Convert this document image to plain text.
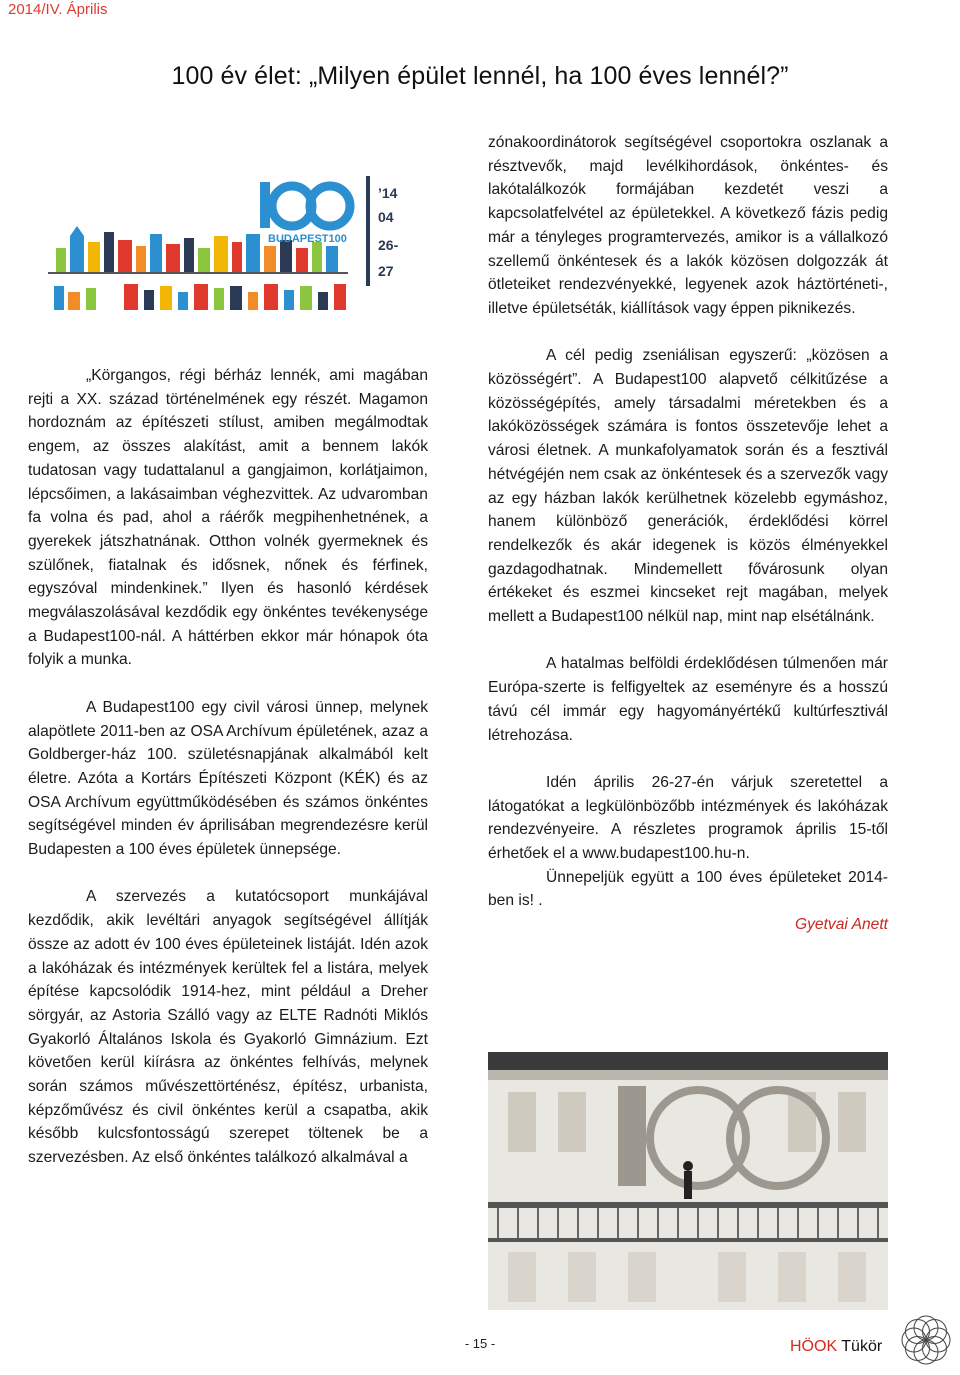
2014/IV. Április
100 év élet: „Milyen épület lennél, ha 100 éves lennél?”
BUDAPEST100
’14
04
26-
27

„Körgangos, régi bérház lennék, ami magában rejti a XX. század történelmének egy részét. Magamon hordoznám az építészeti stílust, amiben megálmodtak engem, az összes alakítást, amit a bennem lakók tudatosan vagy tudattalanul a gangjaimon, korlátjaimon, lépcsőimen, a lakásaimban véghezvittek. Az udvaromban fa volna és pad, ahol a ráérők megpihenhetnének, a gyerekek játszhatnának. Otthon volnék gyermeknek és szülőnek, fiatalnak és idősnek, nőnek és férfinek, egyszóval mindenkinek.” Ilyen és hasonló kérdések megválaszolásával kezdődik egy önkéntes tevékenysége a Budapest100-nál. A háttérben ekkor már hónapok óta folyik a munka.

A Budapest100 egy civil városi ünnep, melynek alapötlete 2011-ben az OSA Archívum épületének, azaz a Goldberger-ház 100. születésnapjának alkalmából kelt életre. Azóta a Kortárs Építészeti Központ (KÉK) és az OSA Archívum együttműködésében és számos önkéntes segítségével minden év áprilisában megrendezésre kerül Budapesten a 100 éves épületek ünnepsége.

A szervezés a kutatócsoport munkájával kezdődik, akik levéltári anyagok segítségével állítják össze az adott év 100 éves épületeinek listáját. Idén azok a lakóházak és intézmények kerültek fel a listára, melyek építése kapcsolódik 1914-hez, mint például a Dreher sörgyár, az Astoria Szálló vagy az ELTE Radnóti Miklós Gyakorló Általános Iskola és Gyakorló Gimnázium. Ezt követően kerül kiírásra az önkéntes felhívás, melynek során számos művészettörténész, építész, urbanista, képzőművész és civil önkéntes kerül a csapatba, akik később kulcsfontosságú szerepet töltenek be a szervezésben. Az első önkéntes találkozó alkalmával a

zónakoordinátorok segítségével csoportokra oszlanak a résztvevők, majd levélkihordások, önkéntes- és lakótalálkozók formájában kezdetét veszi a kapcsolatfelvétel az épületekkel. A következő fázis pedig már a tényleges programtervezés, amikor is a vállalkozó szellemű önkéntesek és a lakók közösen dolgozzák át ötleteiket rendezvényekké, legyenek azok háztörténeti-, illetve épületséták, kiállítások vagy éppen piknikezés.

A cél pedig zseniálisan egyszerű: „közösen a közösségért”. A Budapest100 alapvető célkitűzése a közösségépítés, amely társadalmi méretekben és a lakóközösségek számára is fontos összetevője lehet a városi életnek. A munkafolyamatok során és a fesztivál hétvégéjén nem csak az önkéntesek és a szervezők vagy az egy házban lakók kerülhetnek közelebb egymáshoz, hanem különböző generációk, érdeklődési körrel rendelkezők és akár idegenek is közös élményekkel gazdagodhatnak. Mindemellett fővárosunk olyan értékeket és eszmei kincseket rejt magában, melyek mellett a Budapest100 nélkül nap, mint nap elsétálnánk.

A hatalmas belföldi érdeklődésen túlmenően már Európa-szerte is felfigyeltek az eseményre és a hosszú távú cél immár egy hagyományértékű kultúrfesztivál létrehozása.

Idén április 26-27-én várjuk szeretettel a látogatókat a legkülönbözőbb intézmények és lakóházak rendezvényeire. A részletes programok április 15-től érhetőek el a www.budapest100.hu-n.

Ünnepeljük együtt a 100 éves épületeket 2014-ben is! .

Gyetvai Anett

- 15 -	HÖOK Tükör
